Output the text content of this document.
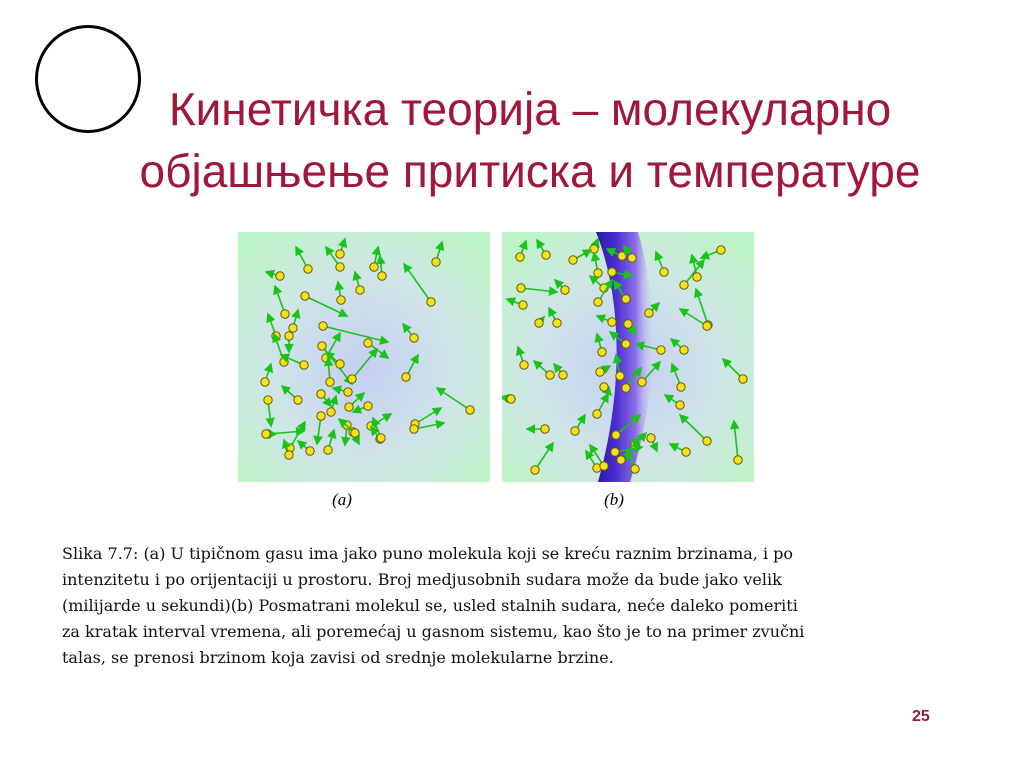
Кинетичка теорија – молекуларно
објашњење притиска и температуре
(a)	(b)
Slika 7.7: (a) U tipičnom gasu ima jako puno molekula koji se kreću raznim brzinama, i po
intenzitetu i po orijentaciji u prostoru. Broj medjusobnih sudara može da bude jako velik
(milijarde u sekundi)(b) Posmatrani molekul se, usled stalnih sudara, neće daleko pomeriti
za kratak interval vremena, ali poremećaj u gasnom sistemu, kao što je to na primer zvučni
talas, se prenosi brzinom koja zavisi od srednje molekularne brzine.
25
